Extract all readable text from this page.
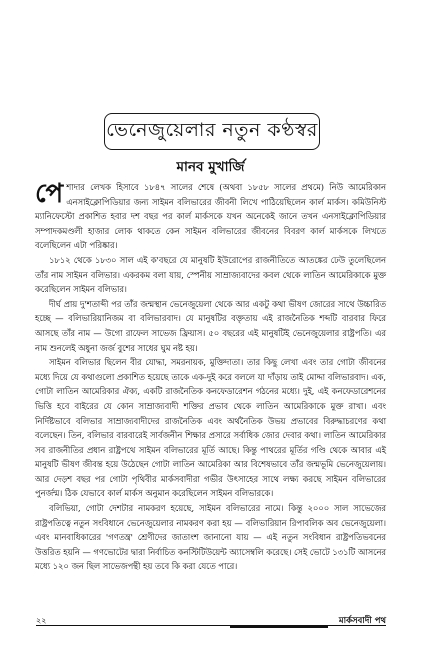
ভেনেজুয়েলার নতুন কণ্ঠস্বর
মানব মুখার্জি

পেশাদার লেখক হিসাবে ১৮৪৭ সালের শেষে (অথবা ১৮৫৮ সালের প্রথমে) নিউ আমেরিকান এনসাইক্লোপিডিয়ার জন্য সাইমন বলিভারের জীবনী লিখে পাঠিয়েছিলেন কার্ল মার্কস। কমিউনিস্ট ম্যানিফেস্টো প্রকাশিত হবার দশ বছর পর কার্ল মার্কসকে যখন অনেকেই জানে তখন এনসাইক্লোপিডিয়ার সম্পাদকমণ্ডলী হাজার লোক থাকতে কেন সাইমন বলিভারের জীবনের বিবরণ কার্ল মার্কসকে লিখতে বলেছিলেন এটা পরিষ্কার।

১৮১২ থেকে ১৮৩০ সাল এই ক'বছরে যে মানুষটি ইউরোপের রাজনীতিতে আতঙ্কের ঢেউ তুলেছিলেন তাঁর নাম সাইমন বলিভার। একরকম বলা যায়, স্পেনীয় সাম্রাজ্যবাদের কবল থেকে লাতিন আমেরিকাকে মুক্ত করেছিলেন সাইমন বলিভার।

দীর্ঘ প্রায় দু'শতাব্দী পর তাঁর জন্মস্থান ভেনেজুয়েলা থেকে আর একটু কথা ভীষণ জোরের সাথে উচ্চারিত হচ্ছে — বলিভারিয়ানিজম বা বলিভারবাদ। যে মানুষটির বক্তৃতায় এই রাজনৈতিক শব্দটি বারবার ফিরে আসছে তাঁর নাম — উগো রাফেল সাভেজ ফ্রিয়াস। ৫০ বছরের এই মানুষটিই ভেনেজুয়েলার রাষ্ট্রপতি। এর নাম শুনলেই অধুনা জর্জ বুশের সাধের ঘুম নষ্ট হয়।

সাইমন বলিভার ছিলেন বীর যোদ্ধা, সমরনায়ক, মুক্তিদাতা। তার কিছু লেখা এবং তার গোটা জীবনের মধ্যে দিয়ে যে কথাগুলো প্রকাশিত হয়েছে তাকে এক-দুই করে বললে যা দাঁড়ায় তাই মোদ্দা বলিভারবাদ। এক, গোটা লাতিন আমেরিকার ঐক্য, একটি রাজনৈতিক কনফেডারেশন গঠনের মধ্যে। দুই, এই কনফেডারেশনের ভিত্তি হবে বাইরের যে কোন সাম্রাজ্যবাদী শক্তির প্রভাব থেকে লাতিন আমেরিকাকে মুক্ত রাখা। এবং নির্দিষ্টভাবে বলিভার সাম্রাজ্যবাদীদের রাজনৈতিক এবং অর্থনৈতিক উভয় প্রভাবের বিরুদ্ধাচরণের কথা বলেছেন। তিন, বলিভার বারবারেই সার্বজনীন শিক্ষার প্রসারে সর্বাধিক জোর দেবার কথা। লাতিন আমেরিকার সব রাজনীতির প্রধান রাষ্ট্রপথে সাইমন বলিভারের মূর্তি আছে। কিন্তু পাথরের মূর্তির গণ্ডি থেকে আবার এই মানুষটি ভীষণ জীবন্ত হয়ে উঠেছেন গোটা লাতিন আমেরিকা আর বিশেষভাবে তাঁর জন্মভূমি ভেনেজুয়েলায়। আর দেড়শ বছর পর গোটা পৃথিবীর মার্কসবাদীরা গভীর উৎসাহের সাথে লক্ষ্য করছে সাইমন বলিভারের পুনর্জন্ম। ঠিক যেভাবে কার্ল মার্কস অনুমান করেছিলেন সাইমন বলিভারকে।

বলিভিয়া, গোটা দেশটার নামকরণ হয়েছে, সাইমন বলিভারের নামে। কিন্তু ২০০০ সাল সাভেজের রাষ্ট্রপতিত্বে নতুন সংবিধানে ভেনেজুয়েলার নামকরণ করা হয় — বলিভারিয়ান রিপাবলিক অব ভেনেজুয়েলা। এবং মানবাধিকারের 'গণতন্ত্র' শ্রেণীদের জাতাংশ জানানো যায় — এই নতুন সংবিধান রাষ্ট্রপতিভবনের উত্তরিত হয়নি — গণভোটের দ্বারা নির্বাচিত কনস্টিটিউয়েন্ট অ্যাসেম্বলি করেছে। সেই ভোটে ১৩১টি আসনের মধ্যে ১২০ জন ছিল সাভেজপন্থী হয় তবে কি করা যেতে পারে।

২২	মার্কসবাদী পথ
